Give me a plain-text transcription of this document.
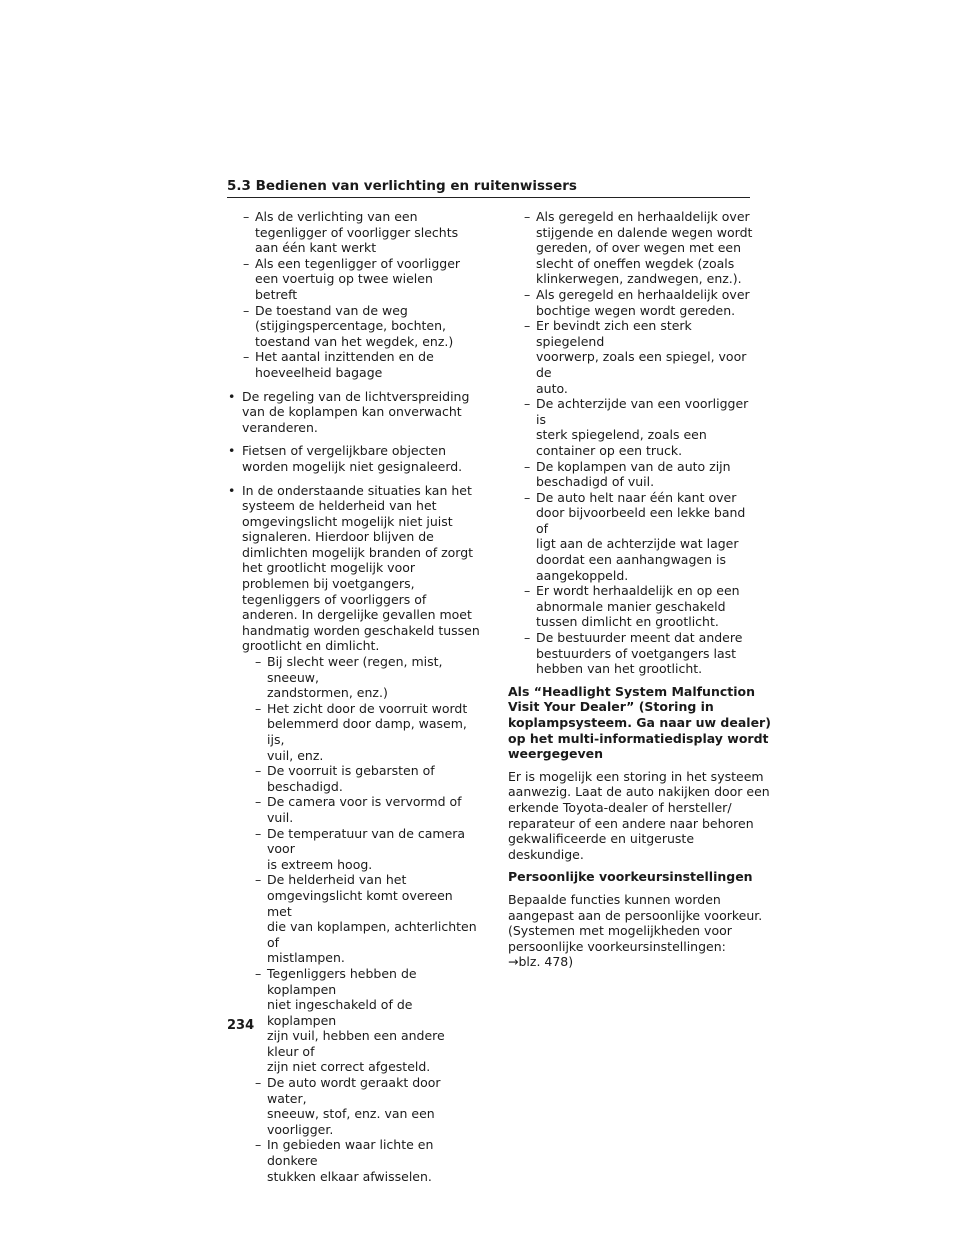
5.3 Bedienen van verlichting en ruitenwissers
– Als de verlichting van een
tegenligger of voorligger slechts
aan één kant werkt
– Als een tegenligger of voorligger
een voertuig op twee wielen betreft
– De toestand van de weg
(stijgingspercentage, bochten,
toestand van het wegdek, enz.)
– Het aantal inzittenden en de
hoeveelheid bagage
• De regeling van de lichtverspreiding
van de koplampen kan onverwacht
veranderen.
• Fietsen of vergelijkbare objecten
worden mogelijk niet gesignaleerd.
• In de onderstaande situaties kan het
systeem de helderheid van het
omgevingslicht mogelijk niet juist
signaleren. Hierdoor blijven de
dimlichten mogelijk branden of zorgt
het grootlicht mogelijk voor
problemen bij voetgangers,
tegenliggers of voorliggers of
anderen. In dergelijke gevallen moet
handmatig worden geschakeld tussen
grootlicht en dimlicht.
– Bij slecht weer (regen, mist, sneeuw,
zandstormen, enz.)
– Het zicht door de voorruit wordt
belemmerd door damp, wasem, ijs,
vuil, enz.
– De voorruit is gebarsten of
beschadigd.
– De camera voor is vervormd of vuil.
– De temperatuur van de camera voor
is extreem hoog.
– De helderheid van het
omgevingslicht komt overeen met
die van koplampen, achterlichten of
mistlampen.
– Tegenliggers hebben de koplampen
niet ingeschakeld of de koplampen
zijn vuil, hebben een andere kleur of
zijn niet correct afgesteld.
– De auto wordt geraakt door water,
sneeuw, stof, enz. van een
voorligger.
– In gebieden waar lichte en donkere
stukken elkaar afwisselen.
– Als geregeld en herhaaldelijk over
stijgende en dalende wegen wordt
gereden, of over wegen met een
slecht of oneffen wegdek (zoals
klinkerwegen, zandwegen, enz.).
– Als geregeld en herhaaldelijk over
bochtige wegen wordt gereden.
– Er bevindt zich een sterk spiegelend
voorwerp, zoals een spiegel, voor de
auto.
– De achterzijde van een voorligger is
sterk spiegelend, zoals een
container op een truck.
– De koplampen van de auto zijn
beschadigd of vuil.
– De auto helt naar één kant over
door bijvoorbeeld een lekke band of
ligt aan de achterzijde wat lager
doordat een aanhangwagen is
aangekoppeld.
– Er wordt herhaaldelijk en op een
abnormale manier geschakeld
tussen dimlicht en grootlicht.
– De bestuurder meent dat andere
bestuurders of voetgangers last
hebben van het grootlicht.
Als “Headlight System Malfunction
Visit Your Dealer” (Storing in
koplampsysteem. Ga naar uw dealer)
op het multi-informatiedisplay wordt
weergegeven
Er is mogelijk een storing in het systeem
aanwezig. Laat de auto nakijken door een
erkende Toyota-dealer of hersteller/
reparateur of een andere naar behoren
gekwalificeerde en uitgeruste
deskundige.
Persoonlijke voorkeursinstellingen
Bepaalde functies kunnen worden
aangepast aan de persoonlijke voorkeur.
(Systemen met mogelijkheden voor
persoonlijke voorkeursinstellingen:
→blz. 478)
234
